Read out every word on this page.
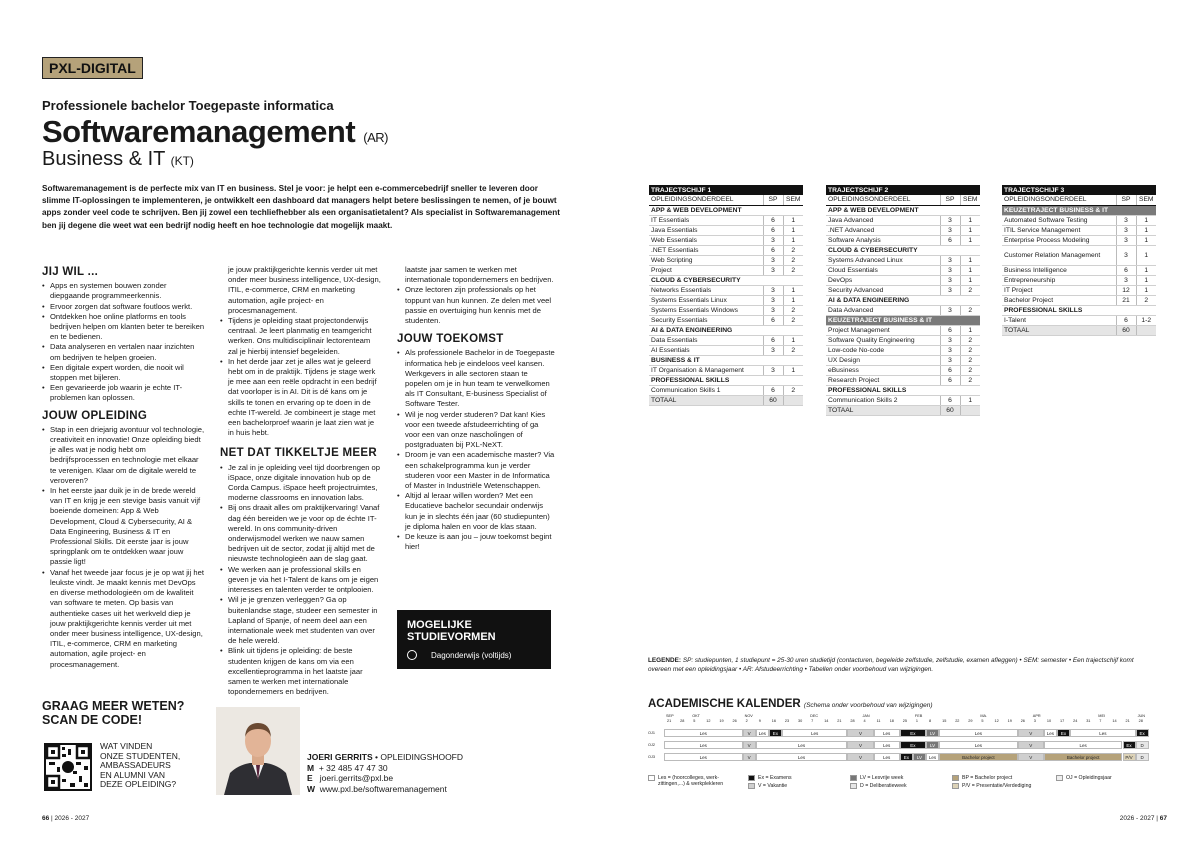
PXL-DIGITAL
Professionele bachelor Toegepaste informatica
Softwaremanagement (AR)
Business & IT (KT)
Softwaremanagement is de perfecte mix van IT en business. Stel je voor: je helpt een e-commercebedrijf sneller te leveren door slimme IT-oplossingen te implementeren, je ontwikkelt een dashboard dat managers helpt betere beslissingen te nemen, of je bouwt apps zonder veel code te schrijven. Ben jij zowel een techliefhebber als een organisatietalent? Als specialist in Softwaremanagement ben jij degene die weet wat een bedrijf nodig heeft en hoe technologie dat mogelijk maakt.
JIJ WIL ...
• Apps en systemen bouwen zonder diepgaande programmeerkennis.
• Ervoor zorgen dat software foutloos werkt.
• Ontdekken hoe online platforms en tools bedrijven helpen om klanten beter te bereiken en te bedienen.
• Data analyseren en vertalen naar inzichten om bedrijven te helpen groeien.
• Een digitale expert worden, die nooit wil stoppen met bijleren.
• Een gevarieerde job waarin je echte IT-problemen kan oplossen.
JOUW OPLEIDING
• Stap in een driejarig avontuur vol technologie, creativiteit en innovatie! Onze opleiding biedt je alles wat je nodig hebt om bedrijfsprocessen en technologie met elkaar te verenigen. Klaar om de digitale wereld te veroveren?
• In het eerste jaar duik je in de brede wereld van IT en krijg je een stevige basis vanuit vijf boeiende domeinen: App & Web Development, Cloud & Cybersecurity, AI & Data Engineering, Business & IT en Professional Skills. Dit eerste jaar is jouw springplank om te ontdekken waar jouw passie ligt!
• Vanaf het tweede jaar focus je je op wat jij het leukste vindt. Je maakt kennis met DevOps en diverse methodologieën om de kwaliteit van software te meten. Op basis van authentieke cases uit het werkveld diep je jouw praktijkgerichte kennis verder uit met onder meer business intelligence, UX-design, ITIL, e-commerce, CRM en marketing automation, agile project- en procesmanagement.
je jouw praktijkgerichte kennis verder uit met onder meer business intelligence, UX-design, ITIL, e-commerce, CRM en marketing automation, agile project- en procesmanagement.
• Tijdens je opleiding staat projectonderwijs centraal. Je leert planmatig en teamgericht werken. Ons multidisciplinair lectorenteam zal je hierbij intensief begeleiden.
• In het derde jaar zet je alles wat je geleerd hebt om in de praktijk. Tijdens je stage werk je mee aan een reële opdracht in een bedrijf dat voorloper is in AI. Dit is dé kans om je skills te tonen en ervaring op te doen in de echte IT-wereld. Je combineert je stage met een bachelorproef waarin je laat zien wat je in huis hebt.
NET DAT TIKKELTJE MEER
• Je zal in je opleiding veel tijd doorbrengen op iSpace, onze digitale innovation hub op de Corda Campus. iSpace heeft projectruimtes, moderne classrooms en innovation labs.
• Bij ons draait alles om praktijkervaring! Vanaf dag één bereiden we je voor op de échte IT-wereld. In ons community-driven onderwijsmodel werken we nauw samen bedrijven uit de sector, zodat jij altijd met de nieuwste technologieën aan de slag gaat.
• We werken aan je professional skills en geven je via het I-Talent de kans om je eigen interesses en talenten verder te ontplooien.
• Wil je je grenzen verleggen? Ga op buitenlandse stage, studeer een semester in Lapland of Spanje, of neem deel aan een internationale week met studenten van over de hele wereld.
• Blink uit tijdens je opleiding: de beste studenten krijgen de kans om via een excellentieprogramma in het laatste jaar samen te werken met internationale topondernemers en bedrijven.
laatste jaar samen te werken met internationale topondernemers en bedrijven.
• Onze lectoren zijn professionals op het toppunt van hun kunnen. Ze delen met veel passie en overtuiging hun kennis met de studenten.
JOUW TOEKOMST
• Als professionele Bachelor in de Toegepaste informatica heb je eindeloos veel kansen. Werkgevers in alle sectoren staan te popelen om je in hun team te verwelkomen als IT Consultant, E-business Specialist of Software Tester.
• Wil je nog verder studeren? Dat kan! Kies voor een tweede afstudeerrichting of ga voor een van onze nascholingen of postgraduaten bij PXL-NeXT.
• Droom je van een academische master? Via een schakelprogramma kun je verder studeren voor een Master in de Informatica of Master in Industriële Wetenschappen.
• Altijd al leraar willen worden? Met een Educatieve bachelor secundair onderwijs kun je in slechts één jaar (60 studiepunten) je diploma halen en voor de klas staan.
• De keuze is aan jou – jouw toekomst begint hier!
MOGELIJKE
STUDIEVORMEN
Dagonderwijs (voltijds)
GRAAG MEER WETEN?
SCAN DE CODE!
WAT VINDEN
ONZE STUDENTEN,
AMBASSADEURS
EN ALUMNI VAN
DEZE OPLEIDING?
JOERI GERRITS • OPLEIDINGSHOOFD
M + 32 485 47 47 30
E joeri.gerrits@pxl.be
W www.pxl.be/softwaremanagement
66 | 2026 - 2027	2026 - 2027 | 67
TRAJECTSCHIJF 1		
OPLEIDINGSONDERDEEL	SP	SEM
APP & WEB DEVELOPMENT		
IT Essentials	6	1
Java Essentials	6	1
Web Essentials	3	1
.NET Essentials	6	2
Web Scripting	3	2
Project	3	2
CLOUD & CYBERSECURITY		
Networks Essentials	3	1
Systems Essentials Linux	3	1
Systems Essentials Windows	3	2
Security Essentials	6	2
AI & DATA ENGINEERING		
Data Essentials	6	1
AI Essentials	3	2
BUSINESS & IT		
IT Organisation & Management	3	1
PROFESSIONAL SKILLS		
Communication Skills 1	6	2
TOTAAL	60	
TRAJECTSCHIJF 2		
OPLEIDINGSONDERDEEL	SP	SEM
APP & WEB DEVELOPMENT		
Java Advanced	3	1
.NET Advanced	3	1
Software Analysis	6	1
CLOUD & CYBERSECURITY		
Systems Advanced Linux	3	1
Cloud Essentials	3	1
DevOps	3	1
Security Advanced	3	2
AI & DATA ENGINEERING		
Data Advanced	3	2
KEUZETRAJECT BUSINESS & IT		
Project Management	6	1
Software Quality Engineering	3	2
Low-code No-code	3	2
UX Design	3	2
eBusiness	6	2
Research Project	6	2
PROFESSIONAL SKILLS		
Communication Skills 2	6	1
TOTAAL	60	
TRAJECTSCHIJF 3		
OPLEIDINGSONDERDEEL	SP	SEM
KEUZETRAJECT BUSINESS & IT		
Automated Software Testing	3	1
ITIL Service Management	3	1
Enterprise Process Modeling	3	1
Customer Relation Management	3	1
Business Intelligence	6	1
Entrepreneurship	3	1
IT Project	12	1
Bachelor Project	21	2
PROFESSIONAL SKILLS		
I-Talent	6	1-2
TOTAAL	60	
LEGENDE: SP: studiepunten, 1 studiepunt = 25-30 uren studietijd (contacturen, begeleide zelfstudie, zelfstudie, examen afleggen) • SEM: semester • Een trajectschijf komt overeen met een opleidingsjaar • AR: Afstudeerrichting • Tabellen onder voorbehoud van wijzigingen.
ACADEMISCHE KALENDER (Schema onder voorbehoud van wijzigingen)
SEP	OKT	NOV	DEC	JAN	FEB	MA.	APR	MEI	JUN
21 28 5	12 19 26 2	9	16 23 30 7	14 21 28 4	11 18 25 1	8	15 22 29 5	12 19 26 3	10 17 24 31 7	14 21 28
OJ1
OJ2
OJ3
Les	V	Les	Ex	Les	V	Les	Ex	LV	Les	V	Les	Ex	Les	Ex
Les	V	Les	V	Les	Ex	LV	Les	V	Les	Ex	D
Les	V	Les	V	Les	Ex	LV	Les	Bachelor project	V	Bachelor project	P/V	D
Les = (hoorcolleges, werk-zittingen,...) & werkplekleren
Ex = Examens
V = Vakantie
LV = Lesvrije week
D = Deliberatieweek
BP = Bachelor project
P/V = Presentatie/Verdediging
OJ = Opleidingsjaar
